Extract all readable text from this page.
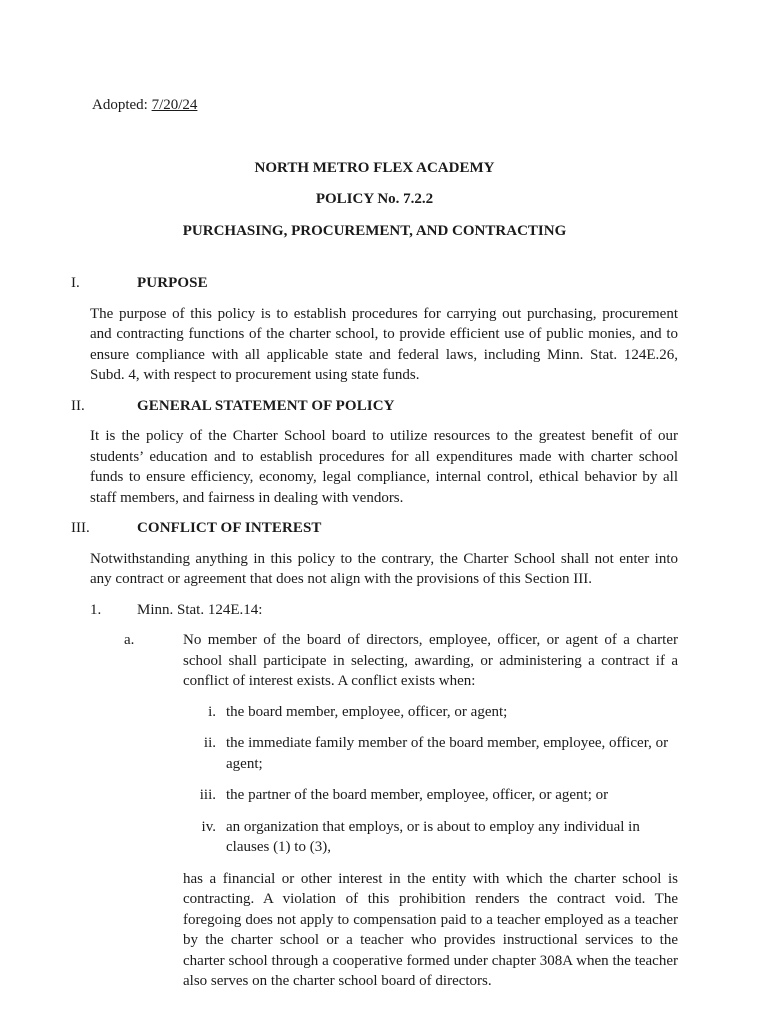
Adopted: 7/20/24

NORTH METRO FLEX ACADEMY

POLICY No. 7.2.2

PURCHASING, PROCUREMENT, AND CONTRACTING

I.	PURPOSE

The purpose of this policy is to establish procedures for carrying out purchasing, procurement and contracting functions of the charter school, to provide efficient use of public monies, and to ensure compliance with all applicable state and federal laws, including Minn. Stat. 124E.26, Subd. 4, with respect to procurement using state funds.

II.	GENERAL STATEMENT OF POLICY

It is the policy of the Charter School board to utilize resources to the greatest benefit of our students’ education and to establish procedures for all expenditures made with charter school funds to ensure efficiency, economy, legal compliance, internal control, ethical behavior by all staff members, and fairness in dealing with vendors.

III.	CONFLICT OF INTEREST

Notwithstanding anything in this policy to the contrary, the Charter School shall not enter into any contract or agreement that does not align with the provisions of this Section III.

1.	Minn. Stat. 124E.14:
a.	No member of the board of directors, employee, officer, or agent of a charter school shall participate in selecting, awarding, or administering a contract if a conflict of interest exists. A conflict exists when:
i. the board member, employee, officer, or agent;
ii. the immediate family member of the board member, employee, officer, or agent;
iii. the partner of the board member, employee, officer, or agent; or
iv. an organization that employs, or is about to employ any individual in clauses (1) to (3),

has a financial or other interest in the entity with which the charter school is contracting. A violation of this prohibition renders the contract void. The foregoing does not apply to compensation paid to a teacher employed as a teacher by the charter school or a teacher who provides instructional services to the charter school through a cooperative formed under chapter 308A when the teacher also serves on the charter school board of directors.
